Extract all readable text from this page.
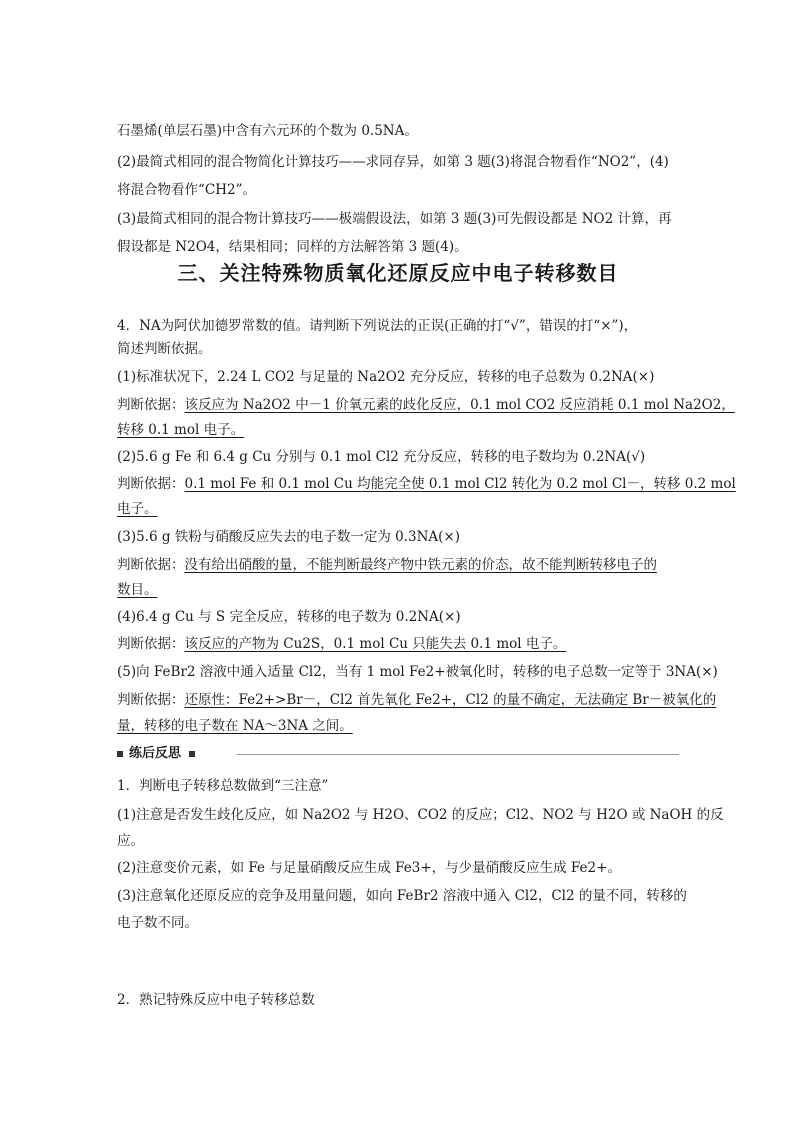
石墨烯(单层石墨)中含有六元环的个数为 0.5NA。

(2)最简式相同的混合物简化计算技巧——求同存异，如第 3 题(3)将混合物看作“NO2”，(4)

将混合物看作“CH2”。

(3)最简式相同的混合物计算技巧——极端假设法，如第 3 题(3)可先假设都是 NO2 计算，再

假设都是 N2O4，结果相同；同样的方法解答第 3 题(4)。

三、关注特殊物质氧化还原反应中电子转移数目

4．NA为阿伏加德罗常数的值。请判断下列说法的正误(正确的打“√”，错误的打“×”)，

简述判断依据。

(1)标准状况下，2.24 L CO2 与足量的 Na2O2 充分反应，转移的电子总数为 0.2NA(×)

判断依据：该反应为 Na2O2 中－1 价氧元素的歧化反应，0.1 mol CO2 反应消耗 0.1 mol Na2O2，

转移 0.1 mol 电子。

(2)5.6 g Fe 和 6.4 g Cu 分别与 0.1 mol Cl2 充分反应，转移的电子数均为 0.2NA(√)

判断依据：0.1 mol Fe 和 0.1 mol Cu 均能完全使 0.1 mol Cl2 转化为 0.2 mol Cl－，转移 0.2 mol

电子。

(3)5.6 g 铁粉与硝酸反应失去的电子数一定为 0.3NA(×)

判断依据：没有给出硝酸的量，不能判断最终产物中铁元素的价态，故不能判断转移电子的

数目。

(4)6.4 g Cu 与 S 完全反应，转移的电子数为 0.2NA(×)

判断依据：该反应的产物为 Cu2S，0.1 mol Cu 只能失去 0.1 mol 电子。

(5)向 FeBr2 溶液中通入适量 Cl2，当有 1 mol Fe2+被氧化时，转移的电子总数一定等于 3NA(×)

判断依据：还原性：Fe2+>Br－，Cl2 首先氧化 Fe2+，Cl2 的量不确定，无法确定 Br－被氧化的

量，转移的电子数在 NA～3NA 之间。

练后反思

1．判断电子转移总数做到“三注意”

(1)注意是否发生歧化反应，如 Na2O2 与 H2O、CO2 的反应；Cl2、NO2 与 H2O 或 NaOH 的反

应。

(2)注意变价元素，如 Fe 与足量硝酸反应生成 Fe3+，与少量硝酸反应生成 Fe2+。

(3)注意氧化还原反应的竞争及用量问题，如向 FeBr2 溶液中通入 Cl2，Cl2 的量不同，转移的

电子数不同。

2．熟记特殊反应中电子转移总数
